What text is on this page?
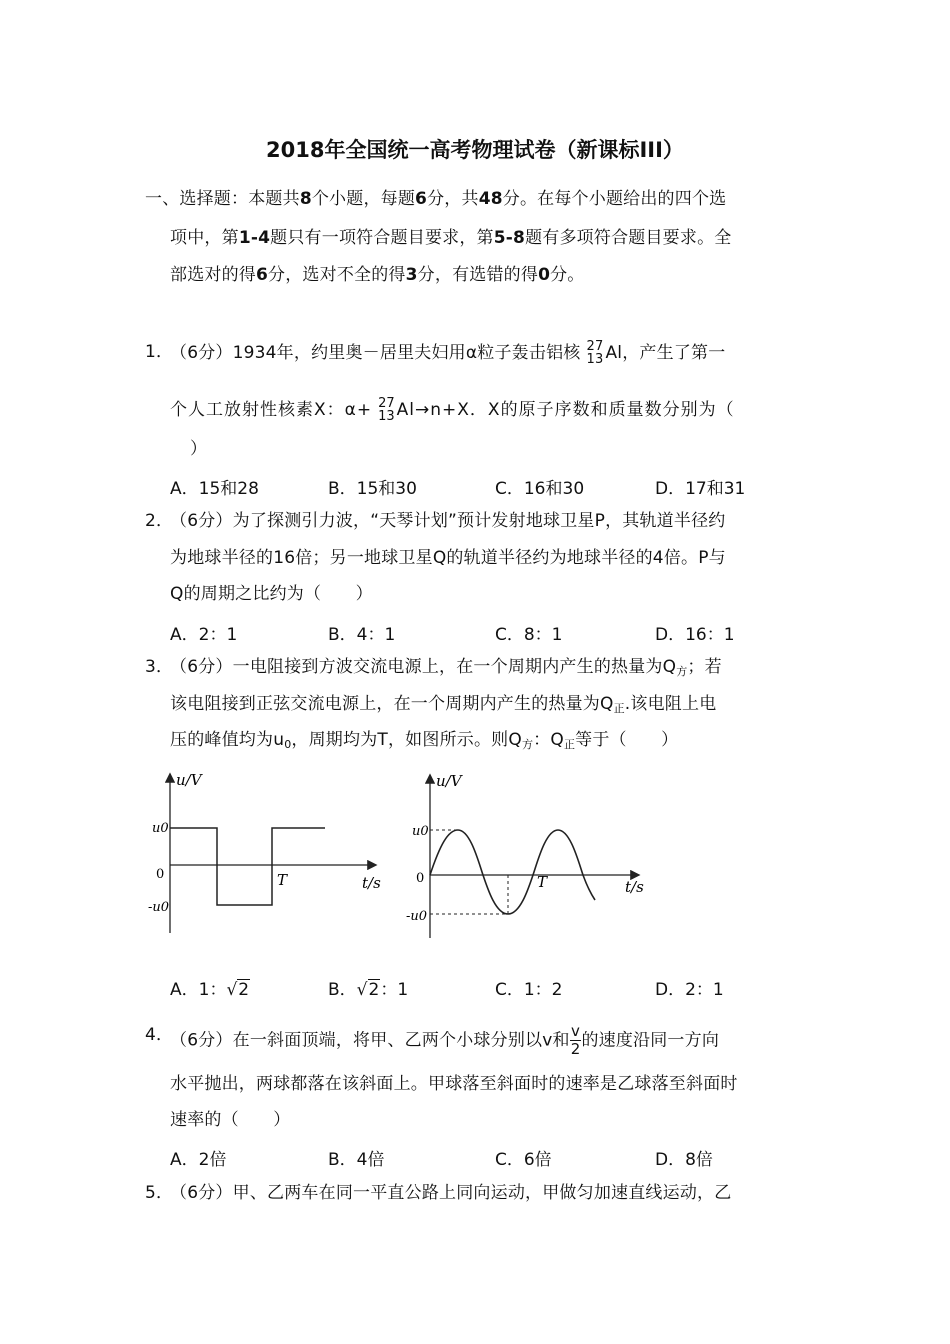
2018年全国统一高考物理试卷（新课标III）
一、选择题：本题共8个小题，每题6分，共48分。在每个小题给出的四个选
项中，第1-4题只有一项符合题目要求，第5-8题有多项符合题目要求。全
部选对的得6分，选对不全的得3分，有选错的得0分。
1．
（6分）1934年，约里奥－居里夫妇用α粒子轰击铝核 27
13 Al，产生了第一
个人工放射性核素X：α+ 27
13 Al→n+X．X的原子序数和质量数分别为（
）
A．15和28	B．15和30	C．16和30	D．17和31
2．
（6分）为了探测引力波，“天琴计划”预计发射地球卫星P，其轨道半径约
为地球半径的16倍；另一地球卫星Q的轨道半径约为地球半径的4倍。P与
Q的周期之比约为（　　）
A．2：1	B．4：1	C．8：1	D．16：1
3．
（6分）一电阻接到方波交流电源上，在一个周期内产生的热量为$Q_方$；若
该电阻接到正弦交流电源上，在一个周期内产生的热量为$Q_正$.该电阻上电
压的峰值均为$u_0$，周期均为T，如图所示。则$Q_方$：$Q_正$等于（　　）
u/V
u0
0
-u0
T	t/s
u/V
u0
0
-u0
T	t/s
A．1：√2	B．√2：1	C．1：2	D．2：1
4．
（6分）在一斜面顶端，将甲、乙两个小球分别以v和 $\frac{v}{2}$ 的速度沿同一方向
水平抛出，两球都落在该斜面上。甲球落至斜面时的速率是乙球落至斜面时
速率的（　　）
A．2倍	B．4倍	C．6倍	D．8倍
5．
（6分）甲、乙两车在同一平直公路上同向运动，甲做匀加速直线运动，乙
